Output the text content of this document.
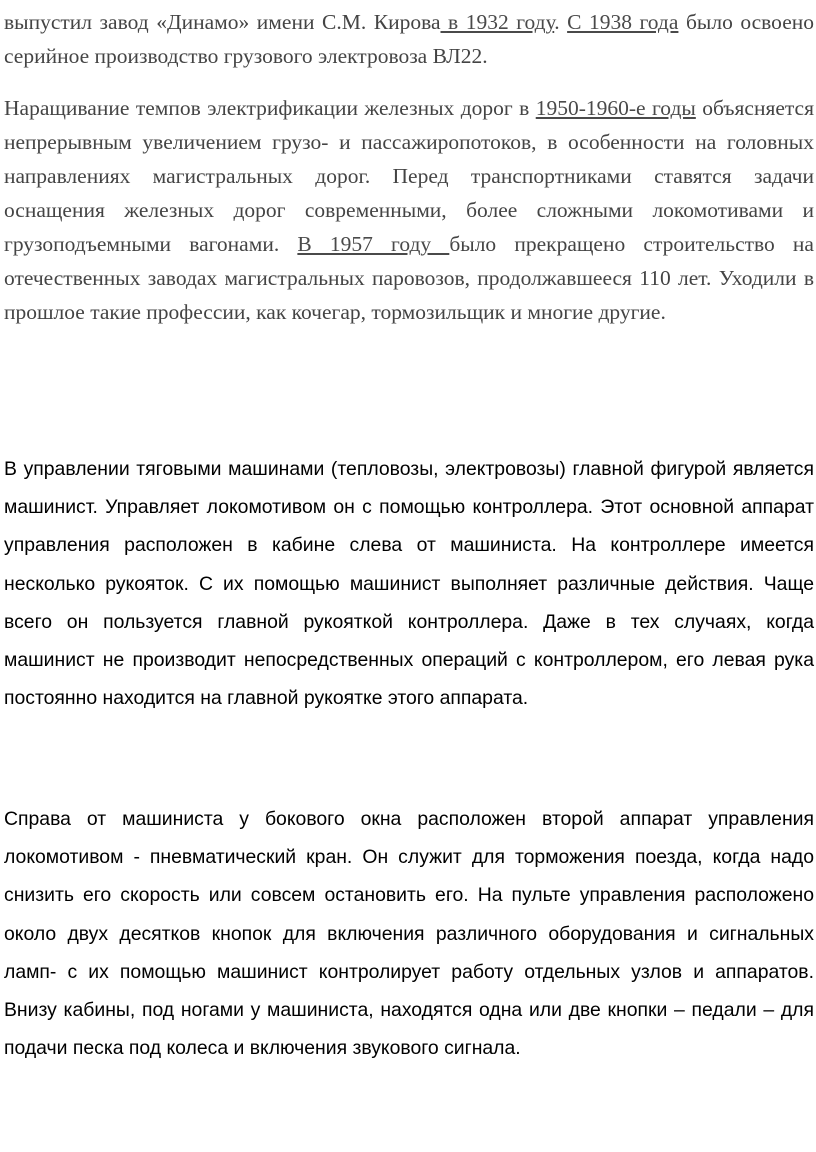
выпустил завод «Динамо» имени С.М. Кирова в 1932 году. С 1938 года было освоено серийное производство грузового электровоза ВЛ22.

Наращивание темпов электрификации железных дорог в 1950-1960-е годы объясняется непрерывным увеличением грузо- и пассажиропотоков, в особенности на головных направлениях магистральных дорог. Перед транспортниками ставятся задачи оснащения железных дорог современными, более сложными локомотивами и грузоподъемными вагонами. В 1957 году было прекращено строительство на отечественных заводах магистральных паровозов, продолжавшееся 110 лет. Уходили в прошлое такие профессии, как кочегар, тормозильщик и многие другие.

В управлении тяговыми машинами (тепловозы, электровозы) главной фигурой является машинист. Управляет локомотивом он с помощью контроллера. Этот основной аппарат управления расположен в кабине слева от машиниста. На контроллере имеется несколько рукояток. С их помощью машинист выполняет различные действия. Чаще всего он пользуется главной рукояткой контроллера. Даже в тех случаях, когда машинист не производит непосредственных операций с контроллером, его левая рука постоянно находится на главной рукоятке этого аппарата.

Справа от машиниста у бокового окна расположен второй аппарат управления локомотивом - пневматический кран. Он служит для торможения поезда, когда надо снизить его скорость или совсем остановить его. На пульте управления расположено около двух десятков кнопок для включения различного оборудования и сигнальных ламп- с их помощью машинист контролирует работу отдельных узлов и аппаратов. Внизу кабины, под ногами у машиниста, находятся одна или две кнопки – педали – для подачи песка под колеса и включения звукового сигнала.
